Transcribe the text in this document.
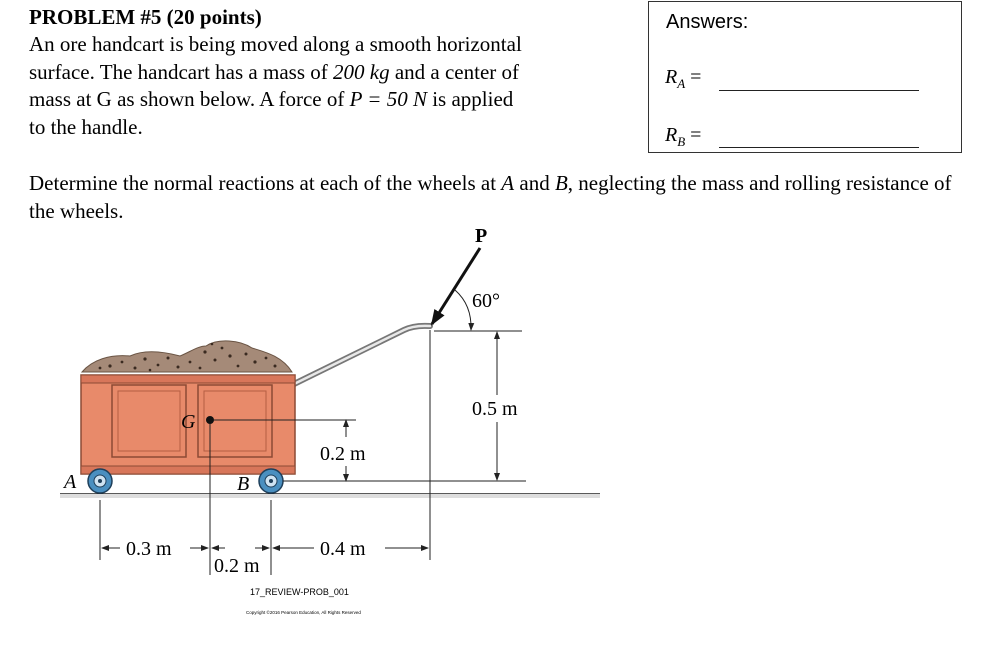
PROBLEM #5 (20 points)
An ore handcart is being moved along a smooth horizontal
surface. The handcart has a mass of 200 kg and a center of
mass at G as shown below. A force of P = 50 N is applied
to the handle.
Determine the normal reactions at each of the wheels at A and B, neglecting the mass and rolling resistance of the wheels.
Answers:
$R_A$ =
$R_B$ =
G
0.2 m
A	B
0.5 m
P
60°
0.3 m
0.2 m
0.4 m
17_REVIEW-PROB_001
Copyright ©2016 Pearson Education, All Rights Reserved
